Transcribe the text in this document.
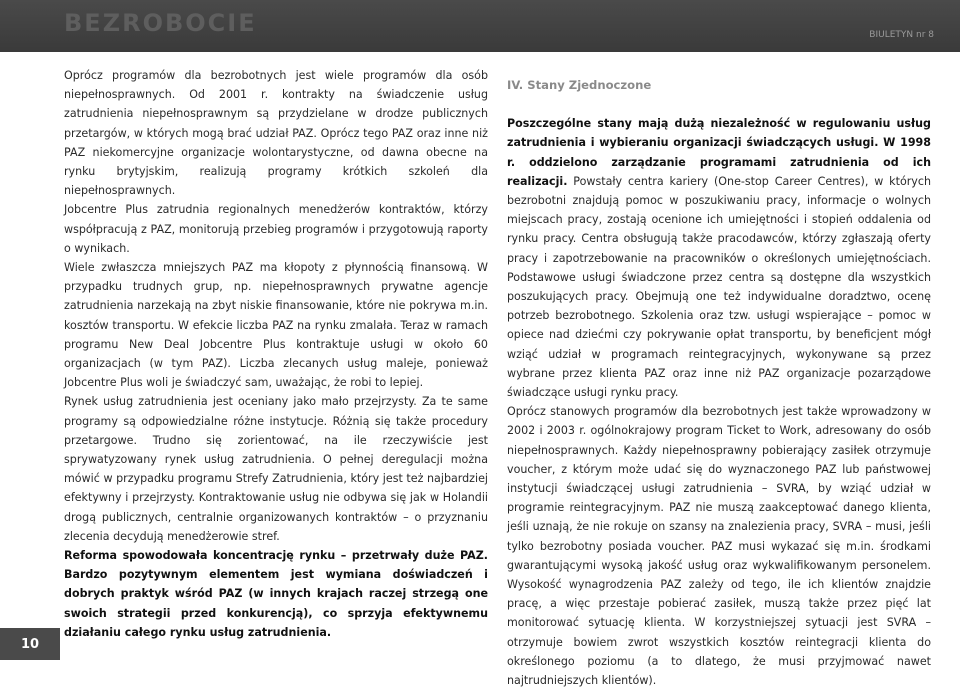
BEZROBOCIE	BIULETYN nr 8

Oprócz programów dla bezrobotnych jest wiele programów dla osób niepełnosprawnych. Od 2001 r. kontrakty na świadczenie usług zatrudnienia niepełnosprawnym są przydzielane w drodze publicznych przetargów, w których mogą brać udział PAZ. Oprócz tego PAZ oraz inne niż PAZ niekomercyjne organizacje wolontarystyczne, od dawna obecne na rynku brytyjskim, realizują programy krótkich szkoleń dla niepełnosprawnych.

Jobcentre Plus zatrudnia regionalnych menedżerów kontraktów, którzy współpracują z PAZ, monitorują przebieg programów i przygotowują raporty o wynikach.

Wiele zwłaszcza mniejszych PAZ ma kłopoty z płynnością finansową. W przypadku trudnych grup, np. niepełnosprawnych prywatne agencje zatrudnienia narzekają na zbyt niskie finansowanie, które nie pokrywa m.in. kosztów transportu. W efekcie liczba PAZ na rynku zmalała. Teraz w ramach programu New Deal Jobcentre Plus kontraktuje usługi w około 60 organizacjach (w tym PAZ). Liczba zlecanych usług maleje, ponieważ Jobcentre Plus woli je świadczyć sam, uważając, że robi to lepiej.

Rynek usług zatrudnienia jest oceniany jako mało przejrzysty. Za te same programy są odpowiedzialne różne instytucje. Różnią się także procedury przetargowe. Trudno się zorientować, na ile rzeczywiście jest sprywatyzowany rynek usług zatrudnienia. O pełnej deregulacji można mówić w przypadku programu Strefy Zatrudnienia, który jest też najbardziej efektywny i przejrzysty. Kontraktowanie usług nie odbywa się jak w Holandii drogą publicznych, centralnie organizowanych kontraktów – o przyznaniu zlecenia decydują menedżerowie stref.

Reforma spowodowała koncentrację rynku – przetrwały duże PAZ. Bardzo pozytywnym elementem jest wymiana doświadczeń i dobrych praktyk wśród PAZ (w innych krajach raczej strzegą one swoich strategii przed konkurencją), co sprzyja efektywnemu działaniu całego rynku usług zatrudnienia.

IV. Stany Zjednoczone

Poszczególne stany mają dużą niezależność w regulowaniu usług zatrudnienia i wybieraniu organizacji świadczących usługi. W 1998 r. oddzielono zarządzanie programami zatrudnienia od ich realizacji. Powstały centra kariery (One-stop Career Centres), w których bezrobotni znajdują pomoc w poszukiwaniu pracy, informacje o wolnych miejscach pracy, zostają ocenione ich umiejętności i stopień oddalenia od rynku pracy. Centra obsługują także pracodawców, którzy zgłaszają oferty pracy i zapotrzebowanie na pracowników o określonych umiejętnościach. Podstawowe usługi świadczone przez centra są dostępne dla wszystkich poszukujących pracy. Obejmują one też indywidualne doradztwo, ocenę potrzeb bezrobotnego. Szkolenia oraz tzw. usługi wspierające – pomoc w opiece nad dziećmi czy pokrywanie opłat transportu, by beneficjent mógł wziąć udział w programach reintegracyjnych, wykonywane są przez wybrane przez klienta PAZ oraz inne niż PAZ organizacje pozarządowe świadczące usługi rynku pracy.

Oprócz stanowych programów dla bezrobotnych jest także wprowadzony w 2002 i 2003 r. ogólnokrajowy program Ticket to Work, adresowany do osób niepełnosprawnych. Każdy niepełnosprawny pobierający zasiłek otrzymuje voucher, z którym może udać się do wyznaczonego PAZ lub państwowej instytucji świadczącej usługi zatrudnienia – SVRA, by wziąć udział w programie reintegracyjnym. PAZ nie muszą zaakceptować danego klienta, jeśli uznają, że nie rokuje on szansy na znalezienia pracy, SVRA – musi, jeśli tylko bezrobotny posiada voucher. PAZ musi wykazać się m.in. środkami gwarantującymi wysoką jakość usług oraz wykwalifikowanym personelem. Wysokość wynagrodzenia PAZ zależy od tego, ile ich klientów znajdzie pracę, a więc przestaje pobierać zasiłek, muszą także przez pięć lat monitorować sytuację klienta. W korzystniejszej sytuacji jest SVRA – otrzymuje bowiem zwrot wszystkich kosztów reintegracji klienta do określonego poziomu (a to dlatego, że musi przyjmować nawet najtrudniejszych klientów).

10
